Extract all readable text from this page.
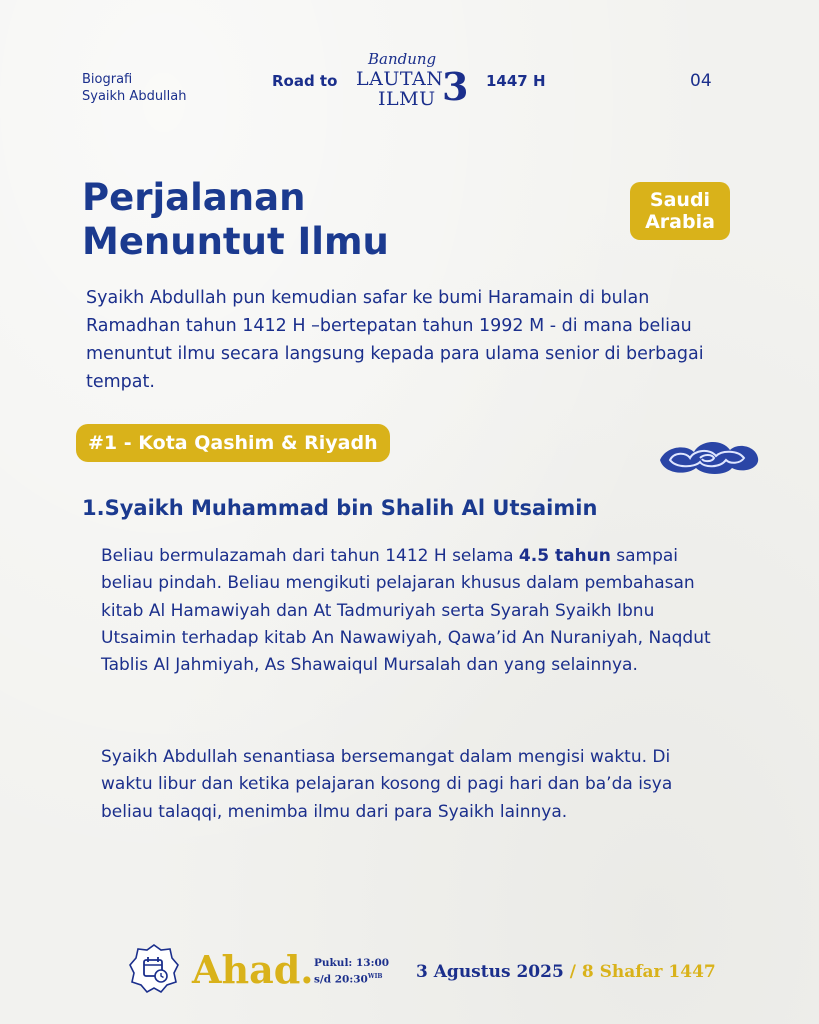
Biografi
Syaikh Abdullah
Road to
Bandung
LAUTAN
ILMU 3 1447 H	04
Perjalanan
Menuntut Ilmu
Saudi
Arabia
Syaikh Abdullah pun kemudian safar ke bumi Haramain di bulan Ramadhan tahun 1412 H –bertepatan tahun 1992 M - di mana beliau menuntut ilmu secara langsung kepada para ulama senior di berbagai tempat.
#1 - Kota Qashim & Riyadh
1.Syaikh Muhammad bin Shalih Al Utsaimin

Beliau bermulazamah dari tahun 1412 H selama 4.5 tahun sampai beliau pindah. Beliau mengikuti pelajaran khusus dalam pembahasan kitab Al Hamawiyah dan At Tadmuriyah serta Syarah Syaikh Ibnu Utsaimin terhadap kitab An Nawawiyah, Qawa’id An Nuraniyah, Naqdut Tablis Al Jahmiyah, As Shawaiqul Mursalah dan yang selainnya.

Syaikh Abdullah senantiasa bersemangat dalam mengisi waktu. Di waktu libur dan ketika pelajaran kosong di pagi hari dan ba’da isya beliau talaqqi, menimba ilmu dari para Syaikh lainnya.

Ahad. Pukul: 13:00
s/d $20:30^{WIB}$	3 Agustus 2025 / 8 Shafar 1447
